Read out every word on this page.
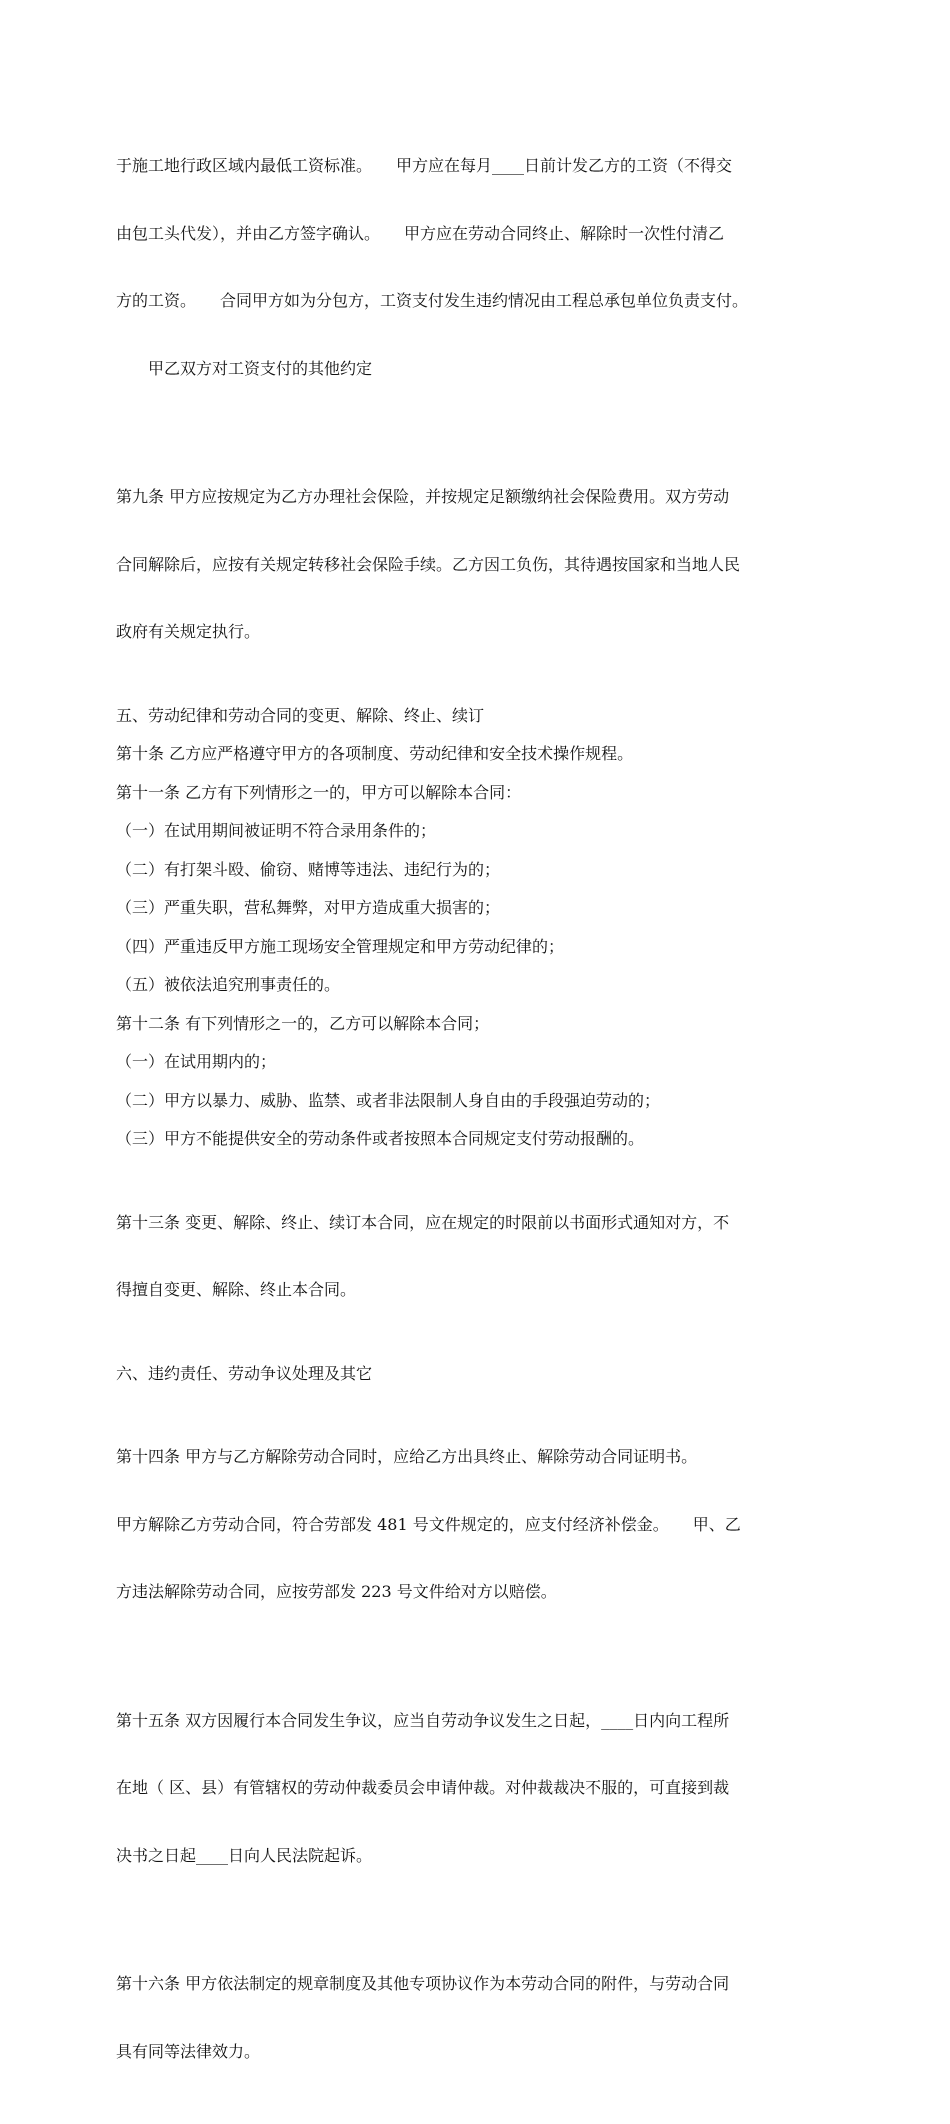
于施工地行政区域内最低工资标准。　　甲方应在每月____日前计发乙方的工资（不得交

由包工头代发），并由乙方签字确认。　　甲方应在劳动合同终止、解除时一次性付清乙

方的工资。　　合同甲方如为分包方，工资支付发生违约情况由工程总承包单位负责支付。

　　甲乙双方对工资支付的其他约定

第九条 甲方应按规定为乙方办理社会保险，并按规定足额缴纳社会保险费用。双方劳动

合同解除后，应按有关规定转移社会保险手续。乙方因工负伤，其待遇按国家和当地人民

政府有关规定执行。

五、劳动纪律和劳动合同的变更、解除、终止、续订
第十条 乙方应严格遵守甲方的各项制度、劳动纪律和安全技术操作规程。
第十一条 乙方有下列情形之一的，甲方可以解除本合同：
（一）在试用期间被证明不符合录用条件的；
（二）有打架斗殴、偷窃、赌博等违法、违纪行为的；
（三）严重失职，营私舞弊，对甲方造成重大损害的；
（四）严重违反甲方施工现场安全管理规定和甲方劳动纪律的；
（五）被依法追究刑事责任的。
第十二条 有下列情形之一的，乙方可以解除本合同；
（一）在试用期内的；
（二）甲方以暴力、威胁、监禁、或者非法限制人身自由的手段强迫劳动的；
（三）甲方不能提供安全的劳动条件或者按照本合同规定支付劳动报酬的。

第十三条 变更、解除、终止、续订本合同，应在规定的时限前以书面形式通知对方，不

得擅自变更、解除、终止本合同。

六、违约责任、劳动争议处理及其它

第十四条 甲方与乙方解除劳动合同时，应给乙方出具终止、解除劳动合同证明书。

甲方解除乙方劳动合同，符合劳部发 481 号文件规定的，应支付经济补偿金。　　甲、乙

方违法解除劳动合同，应按劳部发 223 号文件给对方以赔偿。

第十五条 双方因履行本合同发生争议，应当自劳动争议发生之日起，____日内向工程所

在地（ 区、县）有管辖权的劳动仲裁委员会申请仲裁。对仲裁裁决不服的，可直接到裁

决书之日起____日向人民法院起诉。

第十六条 甲方依法制定的规章制度及其他专项协议作为本劳动合同的附件，与劳动合同

具有同等法律效力。
